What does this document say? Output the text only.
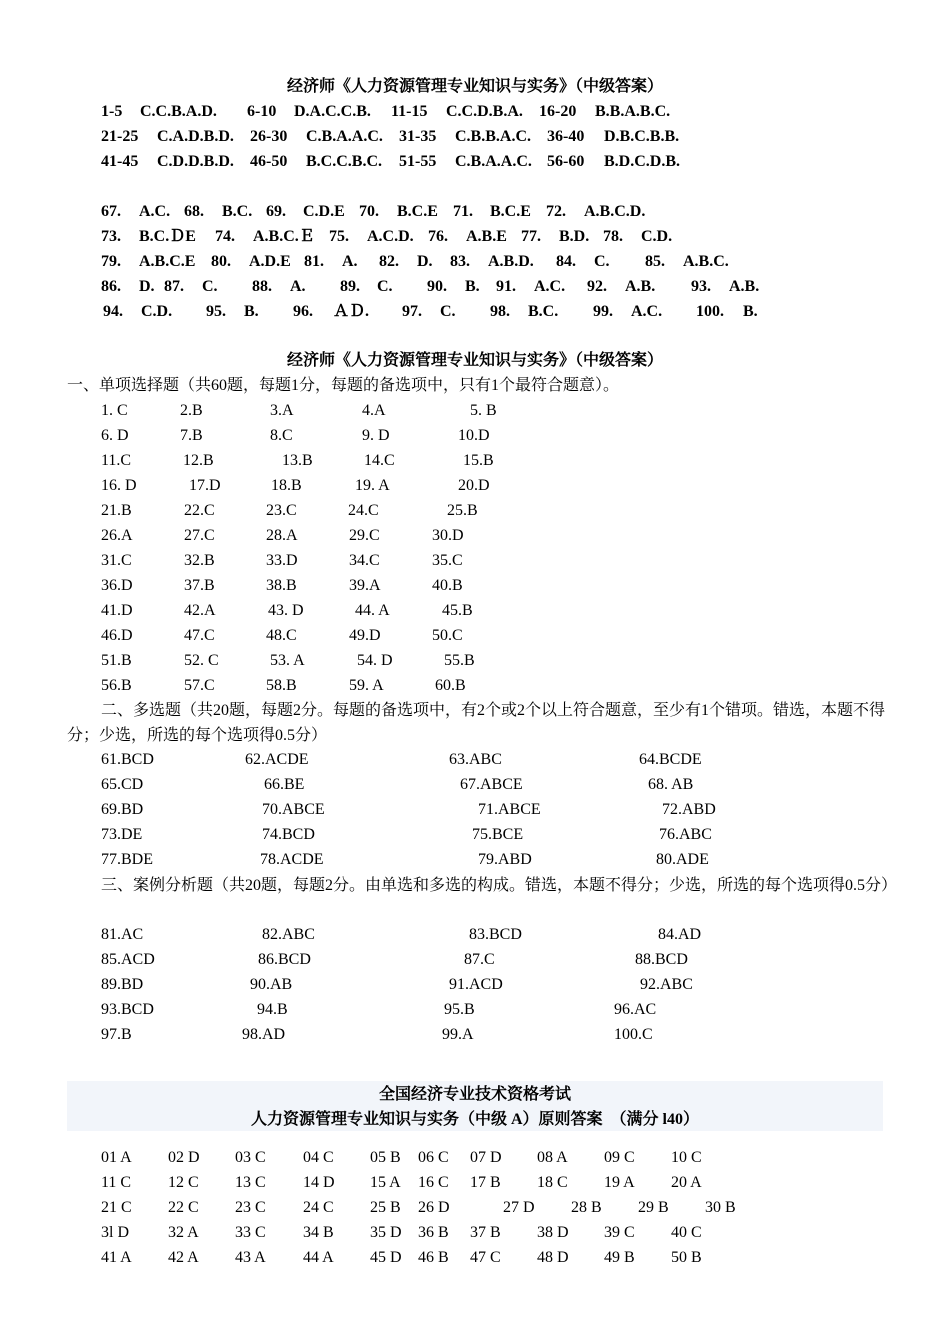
经济师《人力资源管理专业知识与实务》（中级答案）
1-5 C.C.B.A.D. 6-10 D.A.C.C.B. 11-15 C.C.D.B.A. 16-20 B.B.A.B.C.
21-25 C.A.D.B.D. 26-30 C.B.A.A.C. 31-35 C.B.B.A.C. 36-40 D.B.C.B.B.
41-45 C.D.D.B.D. 46-50 B.C.C.B.C. 51-55 C.B.A.A.C. 56-60 B.D.C.D.B.
67. A.C. 68. B.C. 69. C.D.E 70. B.C.E 71. B.C.E 72. A.B.C.D.
73. B.C.ＤE 74. A.B.C.Ｅ 75. A.C.D. 76. A.B.E 77. B.D. 78. C.D.
79. A.B.C.E 80. A.D.E 81. A. 82. D. 83. A.B.D. 84. C. 85. A.B.C.
86. D. 87. C. 88. A. 89. C. 90. B. 91. A.C. 92. A.B. 93. A.B.
94. C.D. 95. B. 96. ＡＤ. 97. C. 98. B.C. 99. A.C. 100. B.
经济师《人力资源管理专业知识与实务》（中级答案）
一、单项选择题（共60题，每题1分，每题的备选项中，只有1个最符合题意）。
1. C	2.B	3.A	4.A	5. B
6. D	7.B	8.C	9. D	10.D
11.C	12.B	13.B	14.C	15.B
16. D	17.D	18.B	19. A	20.D
21.B	22.C	23.C	24.C	25.B
26.A	27.C	28.A	29.C	30.D
31.C	32.B	33.D	34.C	35.C
36.D	37.B	38.B	39.A	40.B
41.D	42.A	43. D	44. A	45.B
46.D	47.C	48.C	49.D	50.C
51.B	52. C	53. A	54. D	55.B
56.B	57.C	58.B	59. A	60.B
二、多选题（共20题，每题2分。每题的备选项中，有2个或2个以上符合题意，至少有1个错项。错选，本题不得分；少选，所选的每个选项得0.5分）
61.BCD	62.ACDE	63.ABC	64.BCDE
65.CD	66.BE	67.ABCE	68. AB
69.BD	70.ABCE	71.ABCE	72.ABD
73.DE	74.BCD	75.BCE	76.ABC
77.BDE	78.ACDE	79.ABD	80.ADE
三、案例分析题（共20题，每题2分。由单选和多选的构成。错选，本题不得分；少选，所选的每个选项得0.5分）
81.AC	82.ABC	83.BCD	84.AD
85.ACD	86.BCD	87.C	88.BCD
89.BD	90.AB	91.ACD	92.ABC
93.BCD	94.B	95.B	96.AC
97.B	98.AD	99.A	100.C
全国经济专业技术资格考试
人力资源管理专业知识与实务（中级 A）原则答案　（满分 l40）
01 A 02 D 03 C 04 C 05 B 06 C 07 D 08 A 09 C 10 C
11 C 12 C 13 C 14 D 15 A 16 C 17 B 18 C 19 A 20 A
21 C 22 C 23 C 24 C 25 B 26 D	27 D 28 B 29 B 30 B
3l D 32 A 33 C 34 B 35 D 36 B 37 B 38 D 39 C 40 C
41 A 42 A 43 A 44 A 45 D 46 B 47 C 48 D 49 B 50 B
